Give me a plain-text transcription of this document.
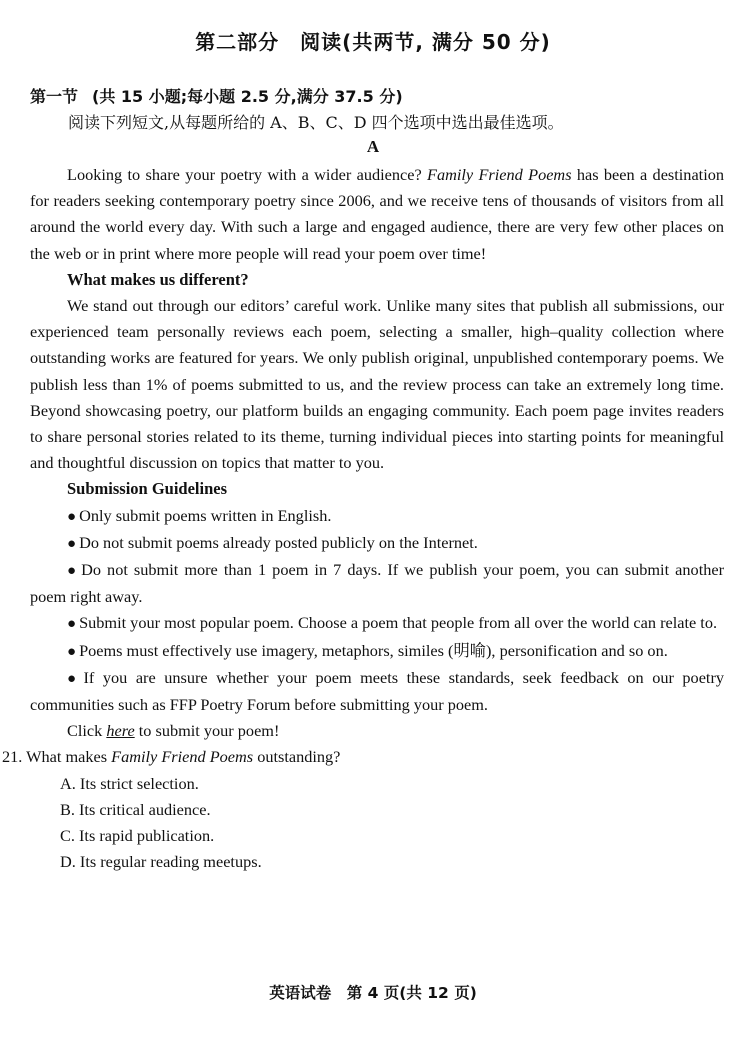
第二部分　阅读(共两节, 满分 50 分)
第一节 (共 15 小题;每小题 2.5 分,满分 37.5 分)
阅读下列短文,从每题所给的 A、B、C、D 四个选项中选出最佳选项。
A

Looking to share your poetry with a wider audience? Family Friend Poems has been a destination for readers seeking contemporary poetry since 2006, and we receive tens of thousands of visitors from all around the world every day. With such a large and engaged audience, there are very few other places on the web or in print where more people will read your poem over time!

What makes us different?

We stand out through our editors’ careful work. Unlike many sites that publish all submissions, our experienced team personally reviews each poem, selecting a smaller, high–quality collection where outstanding works are featured for years. We only publish original, unpublished contemporary poems. We publish less than 1% of poems submitted to us, and the review process can take an extremely long time. Beyond showcasing poetry, our platform builds an engaging community. Each poem page invites readers to share personal stories related to its theme, turning individual pieces into starting points for meaningful and thoughtful discussion on topics that matter to you.

Submission Guidelines

● Only submit poems written in English.

● Do not submit poems already posted publicly on the Internet.

● Do not submit more than 1 poem in 7 days. If we publish your poem, you can submit another poem right away.

● Submit your most popular poem. Choose a poem that people from all over the world can relate to.

● Poems must effectively use imagery, metaphors, similes (明喻), personification and so on.

● If you are unsure whether your poem meets these standards, seek feedback on our poetry communities such as FFP Poetry Forum before submitting your poem.

Click here to submit your poem!

21. What makes Family Friend Poems outstanding?

A. Its strict selection.

B. Its critical audience.

C. Its rapid publication.

D. Its regular reading meetups.

英语试卷　第 4 页(共 12 页)
